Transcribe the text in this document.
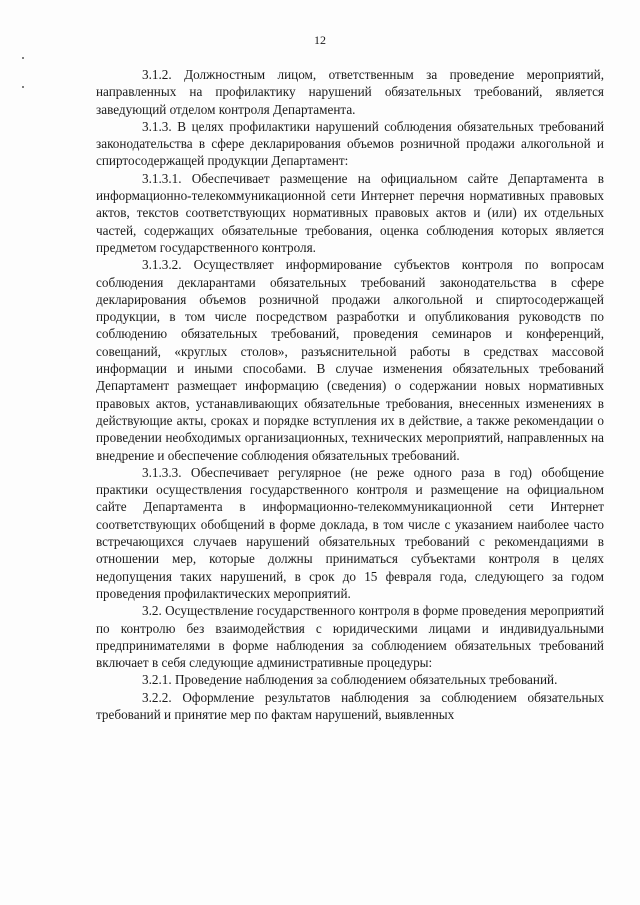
12

3.1.2. Должностным лицом, ответственным за проведение мероприятий, направленных на профилактику нарушений обязательных требований, является заведующий отделом контроля Департамента.

3.1.3. В целях профилактики нарушений соблюдения обязательных требований законодательства в сфере декларирования объемов розничной продажи алкогольной и спиртосодержащей продукции Департамент:

3.1.3.1. Обеспечивает размещение на официальном сайте Департамента в информационно-телекоммуникационной сети Интернет перечня нормативных правовых актов, текстов соответствующих нормативных правовых актов и (или) их отдельных частей, содержащих обязательные требования, оценка соблюдения которых является предметом государственного контроля.

3.1.3.2. Осуществляет информирование субъектов контроля по вопросам соблюдения декларантами обязательных требований законодательства в сфере декларирования объемов розничной продажи алкогольной и спиртосодержащей продукции, в том числе посредством разработки и опубликования руководств по соблюдению обязательных требований, проведения семинаров и конференций, совещаний, «круглых столов», разъяснительной работы в средствах массовой информации и иными способами. В случае изменения обязательных требований Департамент размещает информацию (сведения) о содержании новых нормативных правовых актов, устанавливающих обязательные требования, внесенных изменениях в действующие акты, сроках и порядке вступления их в действие, а также рекомендации о проведении необходимых организационных, технических мероприятий, направленных на внедрение и обеспечение соблюдения обязательных требований.

3.1.3.3. Обеспечивает регулярное (не реже одного раза в год) обобщение практики осуществления государственного контроля и размещение на официальном сайте Департамента в информационно-телекоммуникационной сети Интернет соответствующих обобщений в форме доклада, в том числе с указанием наиболее часто встречающихся случаев нарушений обязательных требований с рекомендациями в отношении мер, которые должны приниматься субъектами контроля в целях недопущения таких нарушений, в срок до 15 февраля года, следующего за годом проведения профилактических мероприятий.

3.2. Осуществление государственного контроля в форме проведения мероприятий по контролю без взаимодействия с юридическими лицами и индивидуальными предпринимателями в форме наблюдения за соблюдением обязательных требований включает в себя следующие административные процедуры:

3.2.1. Проведение наблюдения за соблюдением обязательных требований.

3.2.2. Оформление результатов наблюдения за соблюдением обязательных требований и принятие мер по фактам нарушений, выявленных
